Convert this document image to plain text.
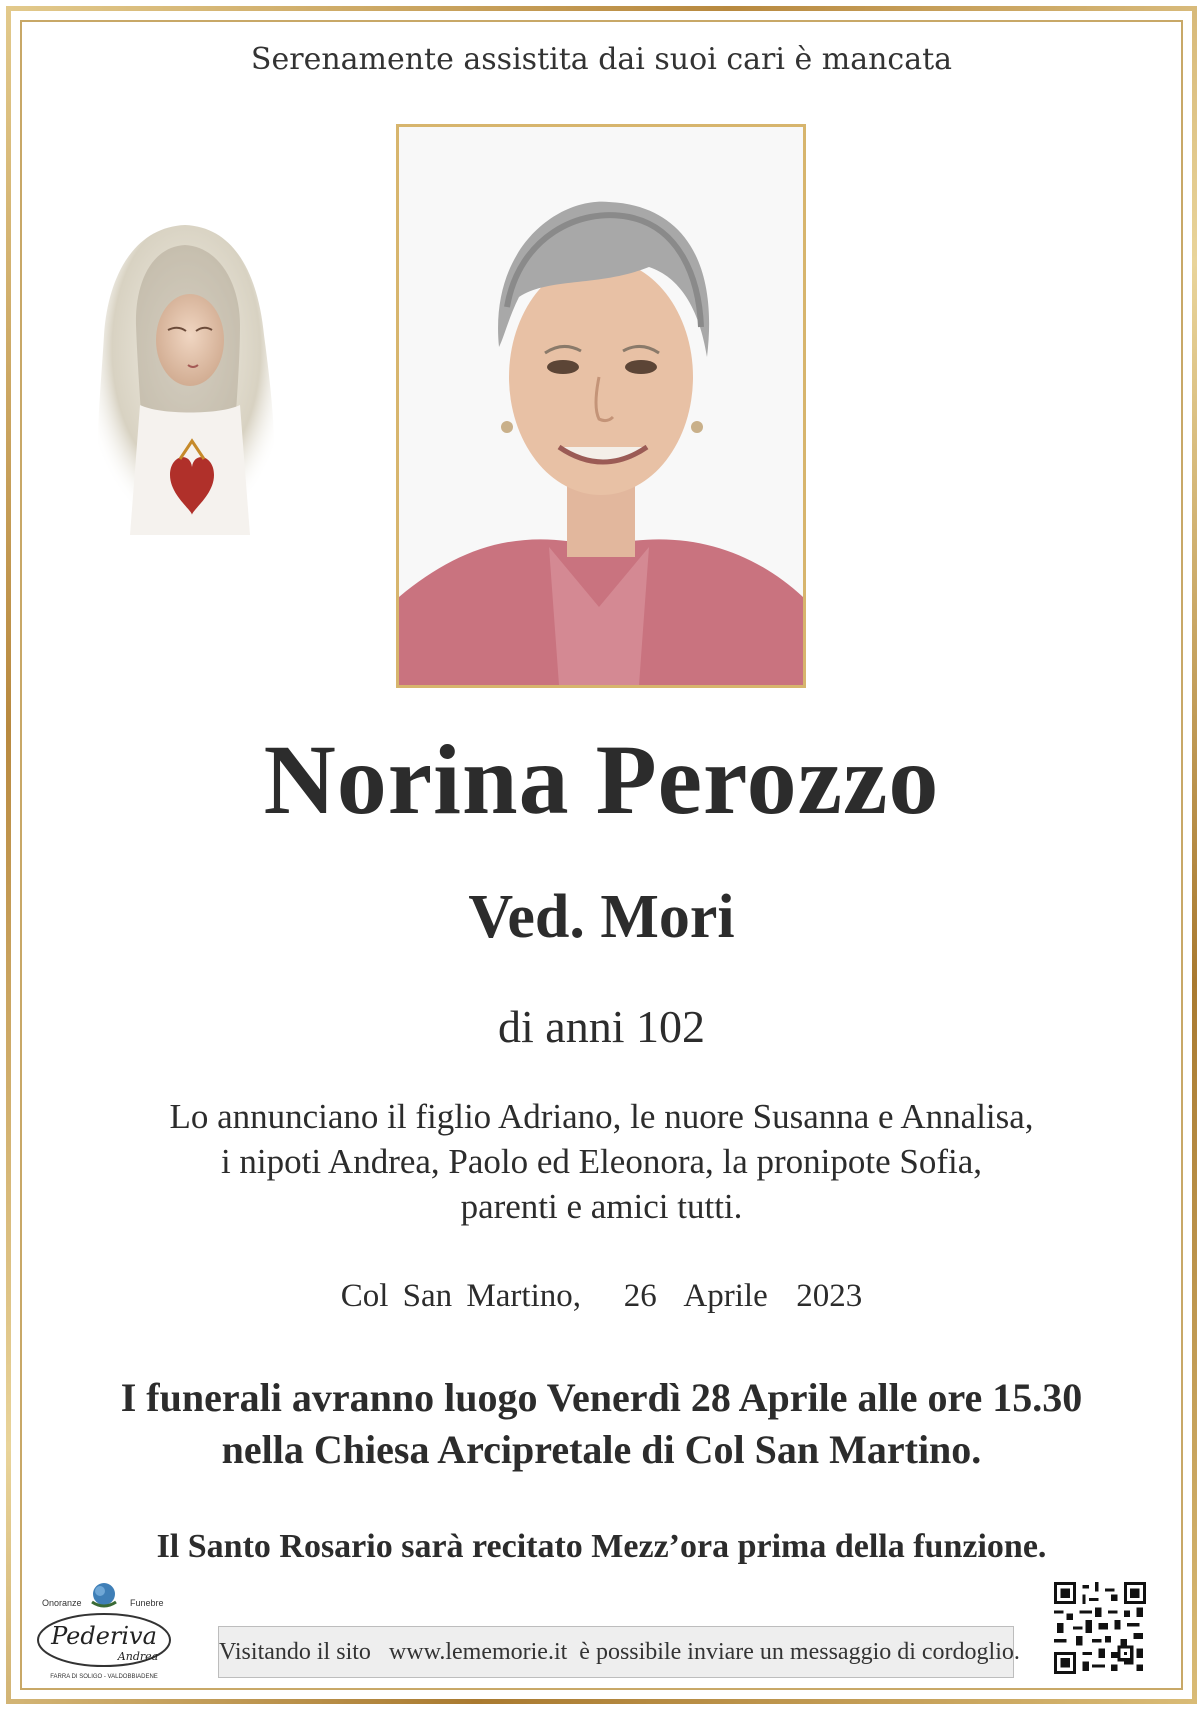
Serenamente assistita dai suoi cari è mancata
Norina Perozzo
Ved. Mori
di anni 102
Lo annunciano il figlio Adriano, le nuore Susanna e Annalisa,
i nipoti Andrea, Paolo ed Eleonora, la pronipote Sofia,
parenti e amici tutti.
Col San Martino,   26  Aprile  2023
I funerali avranno luogo Venerdì 28 Aprile alle ore 15.30
nella Chiesa Arcipretale di Col San Martino.
Il Santo Rosario sarà recitato Mezz’ora prima della funzione.
Onoranze	Funebre
Pederiva
Andrea
FARRA DI SOLIGO - VALDOBBIADENE
Visitando il sito   www.lememorie.it  è possibile inviare un messaggio di cordoglio.
